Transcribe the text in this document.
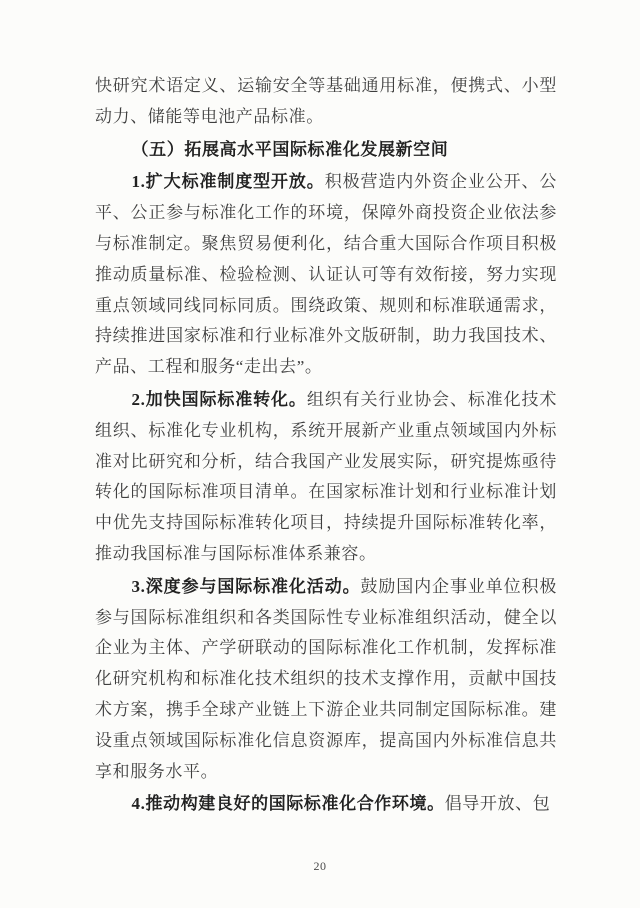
快研究术语定义、运输安全等基础通用标准，便携式、小型动力、储能等电池产品标准。

（五）拓展高水平国际标准化发展新空间

1.扩大标准制度型开放。积极营造内外资企业公开、公平、公正参与标准化工作的环境，保障外商投资企业依法参与标准制定。聚焦贸易便利化，结合重大国际合作项目积极推动质量标准、检验检测、认证认可等有效衔接，努力实现重点领域同线同标同质。围绕政策、规则和标准联通需求，持续推进国家标准和行业标准外文版研制，助力我国技术、产品、工程和服务“走出去”。

2.加快国际标准转化。组织有关行业协会、标准化技术组织、标准化专业机构，系统开展新产业重点领域国内外标准对比研究和分析，结合我国产业发展实际，研究提炼亟待转化的国际标准项目清单。在国家标准计划和行业标准计划中优先支持国际标准转化项目，持续提升国际标准转化率，推动我国标准与国际标准体系兼容。

3.深度参与国际标准化活动。鼓励国内企事业单位积极参与国际标准组织和各类国际性专业标准组织活动，健全以企业为主体、产学研联动的国际标准化工作机制，发挥标准化研究机构和标准化技术组织的技术支撑作用，贡献中国技术方案，携手全球产业链上下游企业共同制定国际标准。建设重点领域国际标准化信息资源库，提高国内外标准信息共享和服务水平。

4.推动构建良好的国际标准化合作环境。倡导开放、包

20
